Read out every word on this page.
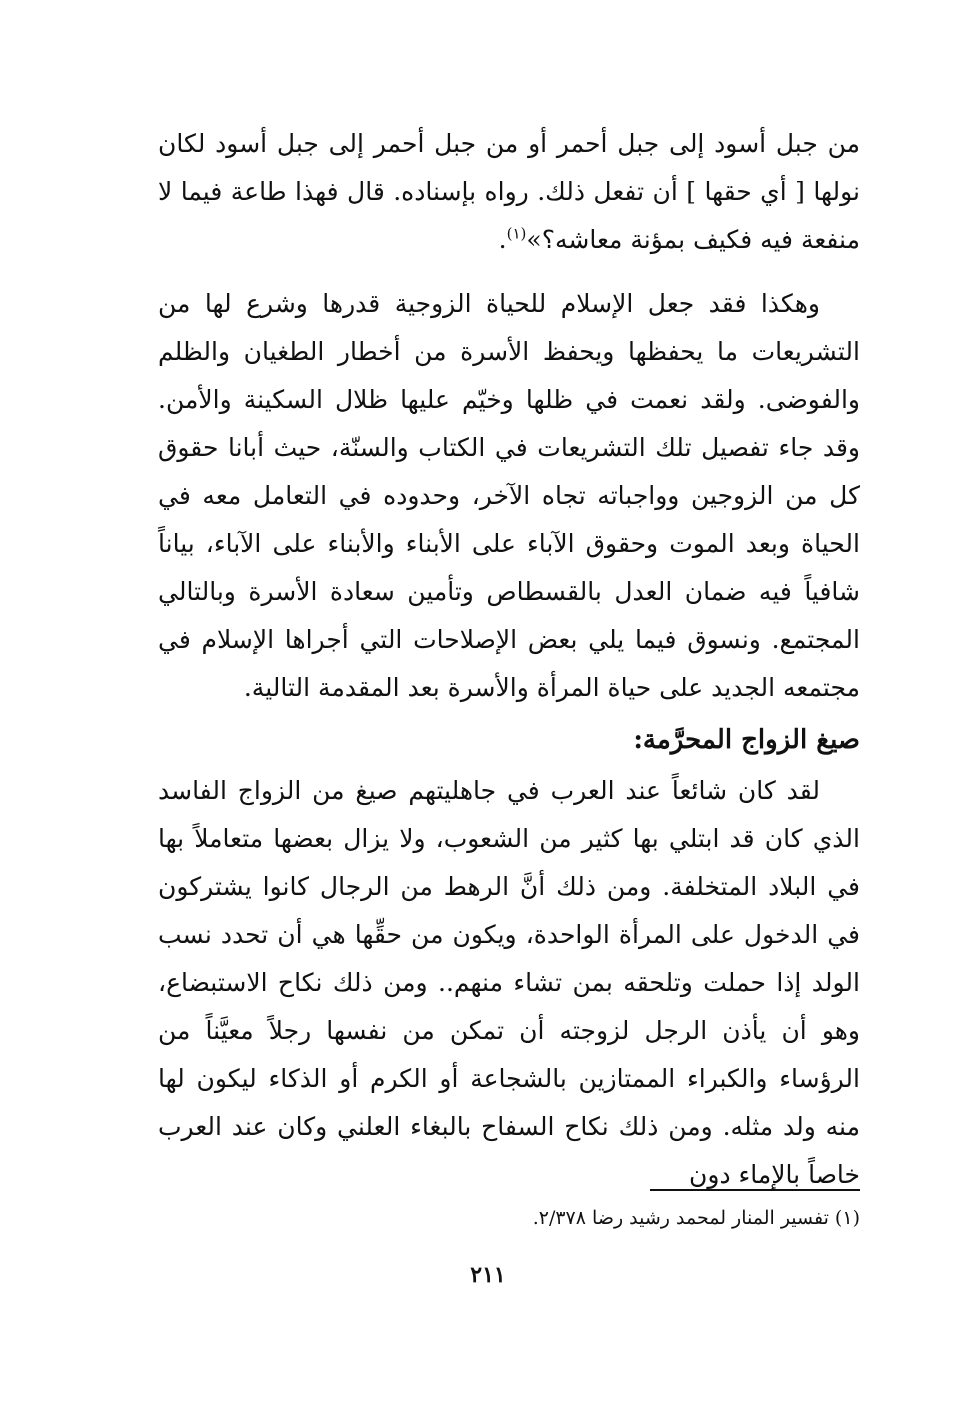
من جبل أسود إلى جبل أحمر أو من جبل أحمر إلى جبل أسود لكان نولها [ أي حقها ] أن تفعل ذلك. رواه بإسناده. قال فهذا طاعة فيما لا منفعة فيه فكيف بمؤنة معاشه؟»$^{(١)}$.
وهكذا فقد جعل الإسلام للحياة الزوجية قدرها وشرع لها من التشريعات ما يحفظها ويحفظ الأسرة من أخطار الطغيان والظلم والفوضى. ولقد نعمت في ظلها وخيّم عليها ظلال السكينة والأمن. وقد جاء تفصيل تلك التشريعات في الكتاب والسنّة، حيث أبانا حقوق كل من الزوجين وواجباته تجاه الآخر، وحدوده في التعامل معه في الحياة وبعد الموت وحقوق الآباء على الأبناء والأبناء على الآباء، بياناً شافياً فيه ضمان العدل بالقسطاص وتأمين سعادة الأسرة وبالتالي المجتمع. ونسوق فيما يلي بعض الإصلاحات التي أجراها الإسلام في مجتمعه الجديد على حياة المرأة والأسرة بعد المقدمة التالية.
صيغ الزواج المحرَّمة:
لقد كان شائعاً عند العرب في جاهليتهم صيغ من الزواج الفاسد الذي كان قد ابتلي بها كثير من الشعوب، ولا يزال بعضها متعاملاً بها في البلاد المتخلفة. ومن ذلك أنَّ الرهط من الرجال كانوا يشتركون في الدخول على المرأة الواحدة، ويكون من حقِّها هي أن تحدد نسب الولد إذا حملت وتلحقه بمن تشاء منهم.. ومن ذلك نكاح الاستبضاع، وهو أن يأذن الرجل لزوجته أن تمكن من نفسها رجلاً معيَّناً من الرؤساء والكبراء الممتازين بالشجاعة أو الكرم أو الذكاء ليكون لها منه ولد مثله. ومن ذلك نكاح السفاح بالبغاء العلني وكان عند العرب خاصاً بالإماء دون
(١) تفسير المنار لمحمد رشيد رضا ٢/٣٧٨.
٢١١
